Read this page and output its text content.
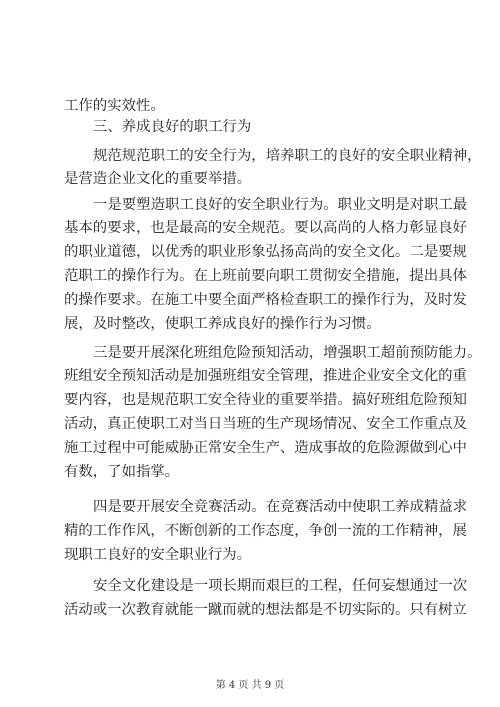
工作的实效性。
三、养成良好的职工行为
规范规范职工的安全行为，培养职工的良好的安全职业精神，
是营造企业文化的重要举措。
一是要塑造职工良好的安全职业行为。职业文明是对职工最
基本的要求，也是最高的安全规范。要以高尚的人格力彰显良好
的职业道德，以优秀的职业形象弘扬高尚的安全文化。二是要规
范职工的操作行为。在上班前要向职工贯彻安全措施，提出具体
的操作要求。在施工中要全面严格检查职工的操作行为，及时发
展，及时整改，使职工养成良好的操作行为习惯。
三是要开展深化班组危险预知活动，增强职工超前预防能力。
班组安全预知活动是加强班组安全管理，推进企业安全文化的重
要内容，也是规范职工安全待业的重要举措。搞好班组危险预知
活动，真正使职工对当日当班的生产现场情况、安全工作重点及
施工过程中可能威胁正常安全生产、造成事故的危险源做到心中
有数，了如指掌。
四是要开展安全竞赛活动。在竞赛活动中使职工养成精益求
精的工作作风，不断创新的工作态度，争创一流的工作精神，展
现职工良好的安全职业行为。
安全文化建设是一项长期而艰巨的工程，任何妄想通过一次
活动或一次教育就能一蹴而就的想法都是不切实际的。只有树立
第 4 页 共 9 页
